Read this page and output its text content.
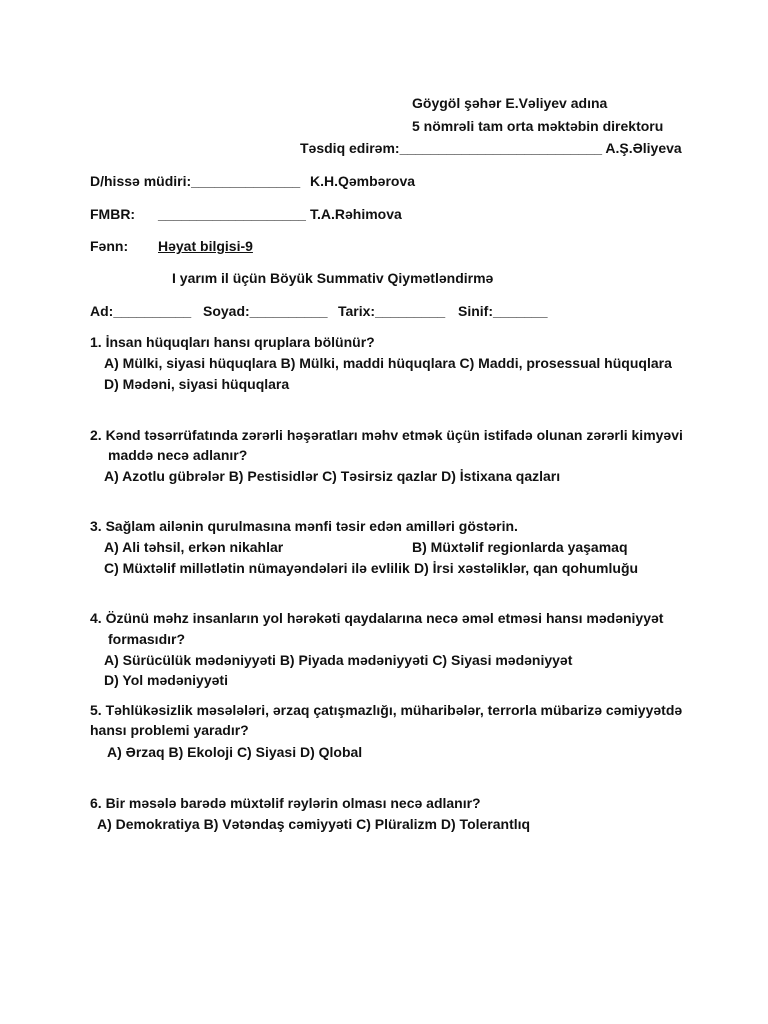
Göygöl şəhər E.Vəliyev adına
5 nömrəli tam orta məktəbin direktoru
Təsdiq edirəm:__________________________ A.Ş.Əliyeva
D/hissə müdiri:______________ K.H.Qəmbərova
FMBR: ___________________ T.A.Rəhimova
Fənn: Həyat bilgisi-9
I yarım il üçün Böyük Summativ Qiymətləndirmə
Ad:__________ Soyad:__________ Tarix:_________ Sinif:_______
1. İnsan hüquqları hansı qruplara bölünür?
A) Mülki, siyasi hüquqlara B) Mülki, maddi hüquqlara C) Maddi, prosessual hüquqlara
D) Mədəni, siyasi hüquqlara
2. Kənd təsərrüfatında zərərli həşəratları məhv etmək üçün istifadə olunan zərərli kimyəvi
maddə necə adlanır?
A) Azotlu gübrələr B) Pestisidlər C) Təsirsiz qazlar D) İstixana qazları
3. Sağlam ailənin qurulmasına mənfi təsir edən amilləri göstərin.
A) Ali təhsil, erkən nikahlar	B) Müxtəlif regionlarda yaşamaq
C) Müxtəlif millətlətin nümayəndələri ilə evlilik D) İrsi xəstəliklər, qan qohumluğu
4. Özünü məhz insanların yol hərəkəti qaydalarına necə əməl etməsi hansı mədəniyyət
formasıdır?
A) Sürücülük mədəniyyəti B) Piyada mədəniyyəti C) Siyasi mədəniyyət
D) Yol mədəniyyəti
5. Təhlükəsizlik məsələləri, ərzaq çatışmazlığı, müharibələr, terrorla mübarizə cəmiyyətdə
hansı problemi yaradır?
A) Ərzaq B) Ekoloji C) Siyasi D) Qlobal
6. Bir məsələ barədə müxtəlif rəylərin olması necə adlanır?
A) Demokratiya B) Vətəndaş cəmiyyəti C) Plüralizm D) Tolerantlıq
